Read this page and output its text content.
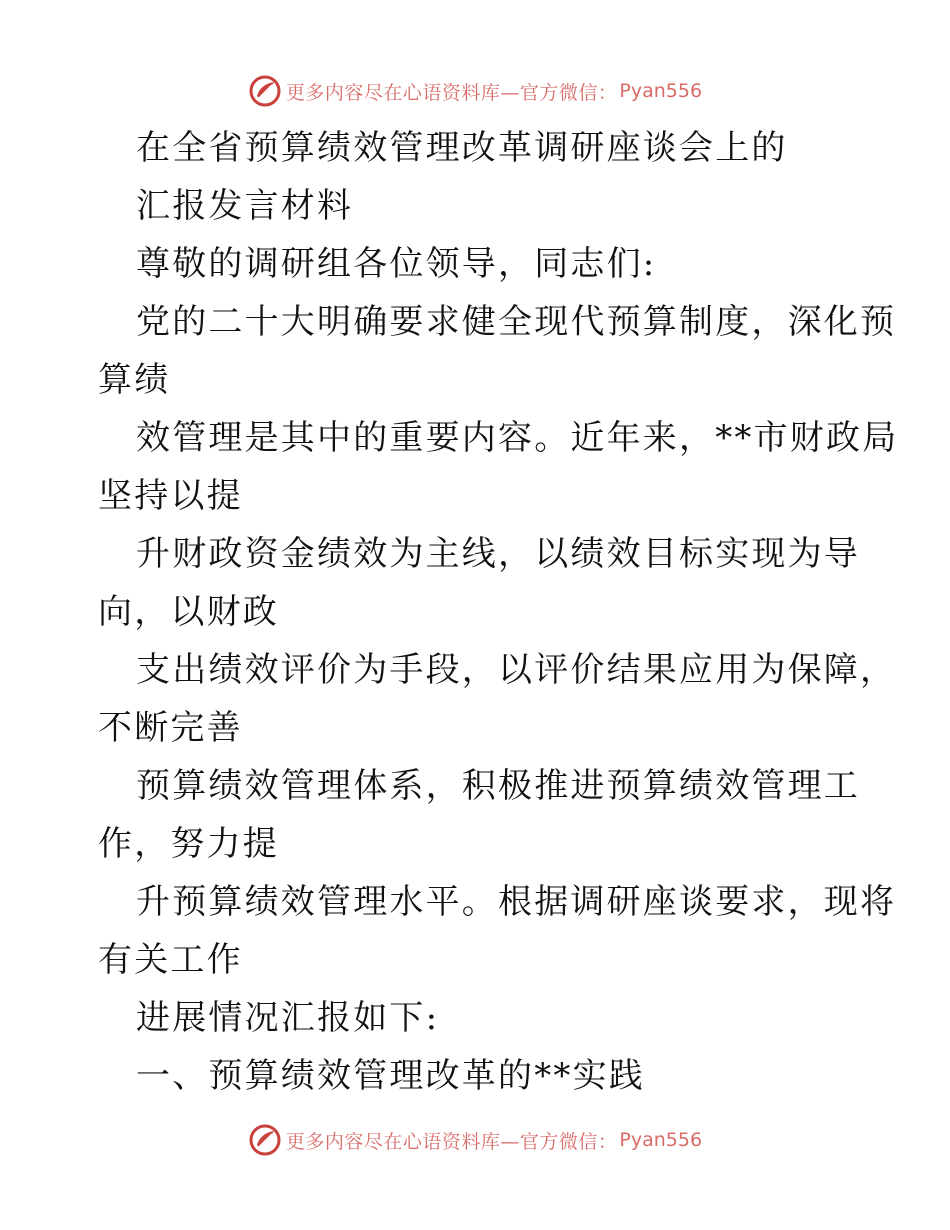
更多内容尽在心语资料库—官方微信： Pyan556
在全省预算绩效管理改革调研座谈会上的
汇报发言材料
尊敬的调研组各位领导，同志们:
党的二十大明确要求健全现代预算制度，深化预
算绩
效管理是其中的重要内容。近年来，**市财政局
坚持以提
升财政资金绩效为主线，以绩效目标实现为导
向，以财政
支出绩效评价为手段，以评价结果应用为保障，
不断完善
预算绩效管理体系，积极推进预算绩效管理工
作，努力提
升预算绩效管理水平。根据调研座谈要求，现将
有关工作
进展情况汇报如下:
一、预算绩效管理改革的**实践
更多内容尽在心语资料库—官方微信： Pyan556
